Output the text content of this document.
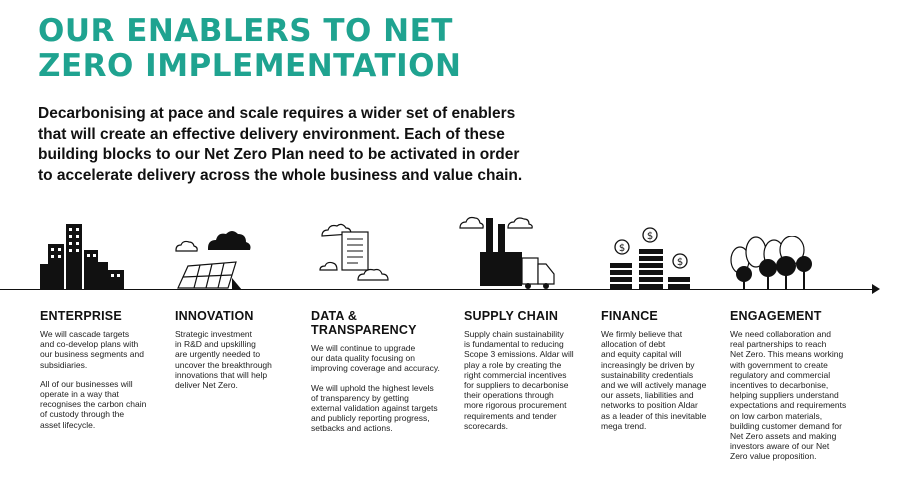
OUR ENABLERS TO NET
ZERO IMPLEMENTATION
Decarbonising at pace and scale requires a wider set of enablers
that will create an effective delivery environment. Each of these
building blocks to our Net Zero Plan need to be activated in order
to accelerate delivery across the whole business and value chain.
$
$
$
ENTERPRISE

We will cascade targets
and co-develop plans with
our business segments and
subsidiaries.

All of our businesses will
operate in a way that
recognises the carbon chain
of custody through the
asset lifecycle.

INNOVATION

Strategic investment
in R&D and upskilling
are urgently needed to
uncover the breakthrough
innovations that will help
deliver Net Zero.

DATA &
TRANSPARENCY

We will continue to upgrade
our data quality focusing on
improving coverage and accuracy.

We will uphold the highest levels
of transparency by getting
external validation against targets
and publicly reporting progress,
setbacks and actions.

SUPPLY CHAIN

Supply chain sustainability
is fundamental to reducing
Scope 3 emissions. Aldar will
play a role by creating the
right commercial incentives
for suppliers to decarbonise
their operations through
more rigorous procurement
requirements and tender
scorecards.

FINANCE

We firmly believe that
allocation of debt
and equity capital will
increasingly be driven by
sustainability credentials
and we will actively manage
our assets, liabilities and
networks to position Aldar
as a leader of this inevitable
mega trend.

ENGAGEMENT

We need collaboration and
real partnerships to reach
Net Zero. This means working
with government to create
regulatory and commercial
incentives to decarbonise,
helping suppliers understand
expectations and requirements
on low carbon materials,
building customer demand for
Net Zero assets and making
investors aware of our Net
Zero value proposition.
